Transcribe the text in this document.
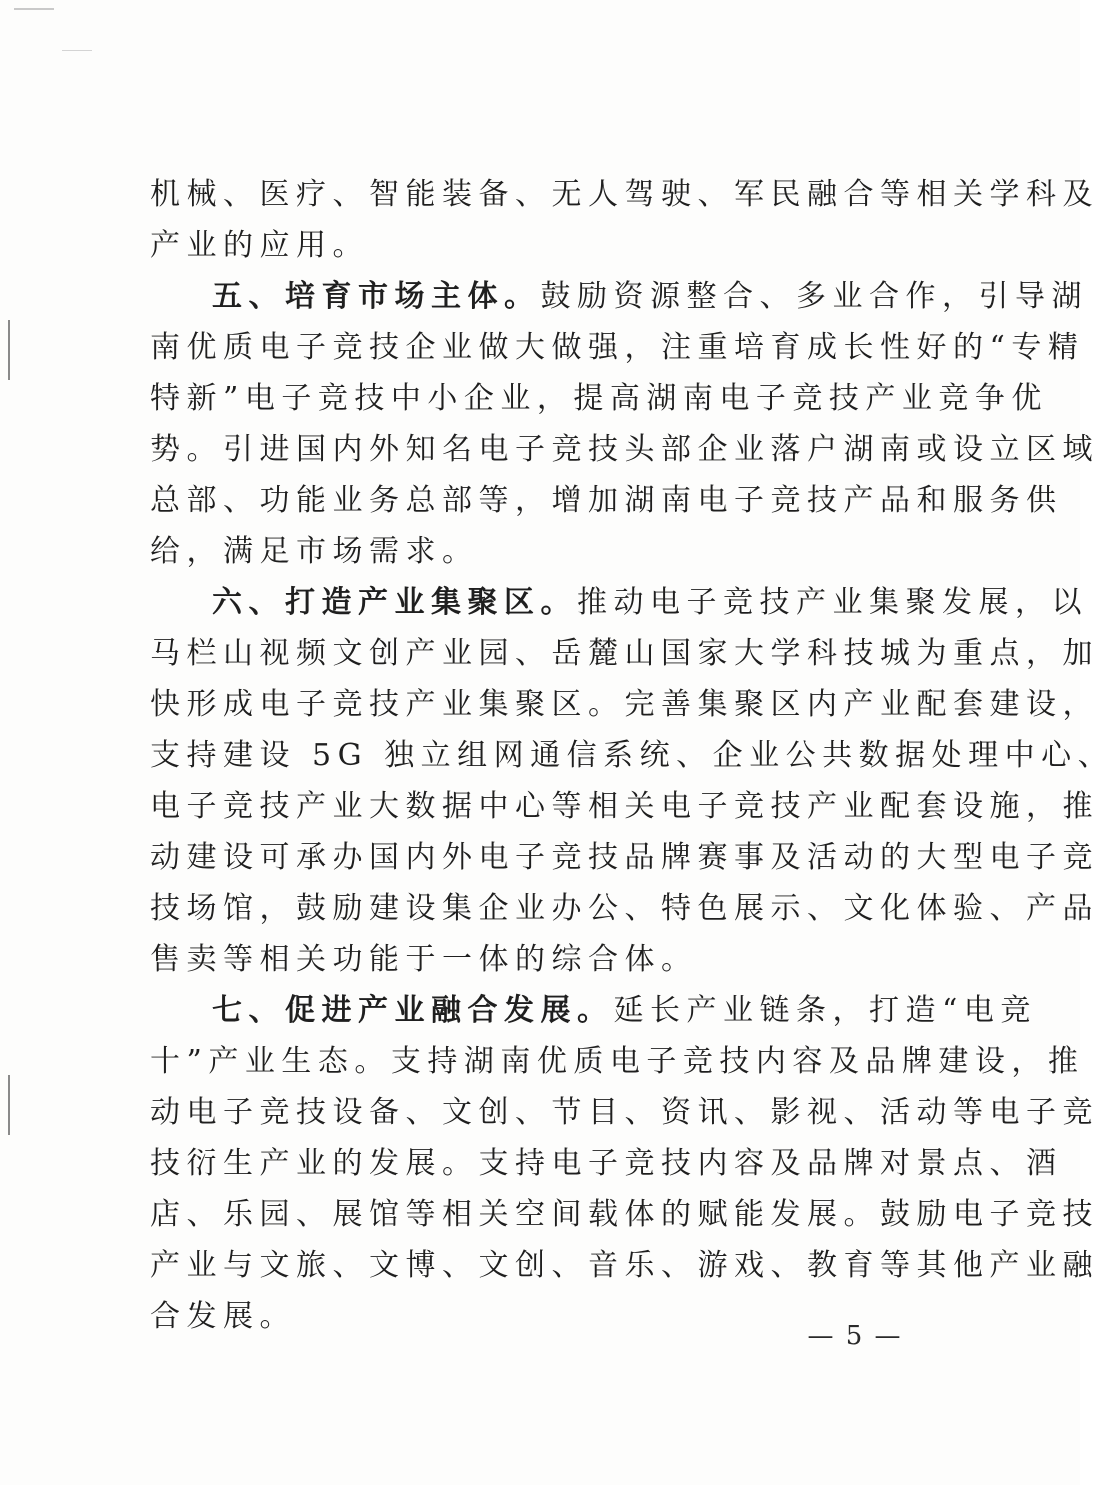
机械、医疗、智能装备、无人驾驶、军民融合等相关学科及
产业的应用。
五、培育市场主体。鼓励资源整合、多业合作，引导湖
南优质电子竞技企业做大做强，注重培育成长性好的“专精
特新”电子竞技中小企业，提高湖南电子竞技产业竞争优
势。引进国内外知名电子竞技头部企业落户湖南或设立区域
总部、功能业务总部等，增加湖南电子竞技产品和服务供
给，满足市场需求。
六、打造产业集聚区。推动电子竞技产业集聚发展，以
马栏山视频文创产业园、岳麓山国家大学科技城为重点，加
快形成电子竞技产业集聚区。完善集聚区内产业配套建设，
支持建设 5G 独立组网通信系统、企业公共数据处理中心、
电子竞技产业大数据中心等相关电子竞技产业配套设施，推
动建设可承办国内外电子竞技品牌赛事及活动的大型电子竞
技场馆，鼓励建设集企业办公、特色展示、文化体验、产品
售卖等相关功能于一体的综合体。
七、促进产业融合发展。延长产业链条，打造“电竞
十”产业生态。支持湖南优质电子竞技内容及品牌建设，推
动电子竞技设备、文创、节目、资讯、影视、活动等电子竞
技衍生产业的发展。支持电子竞技内容及品牌对景点、酒
店、乐园、展馆等相关空间载体的赋能发展。鼓励电子竞技
产业与文旅、文博、文创、音乐、游戏、教育等其他产业融
合发展。
— 5 —
